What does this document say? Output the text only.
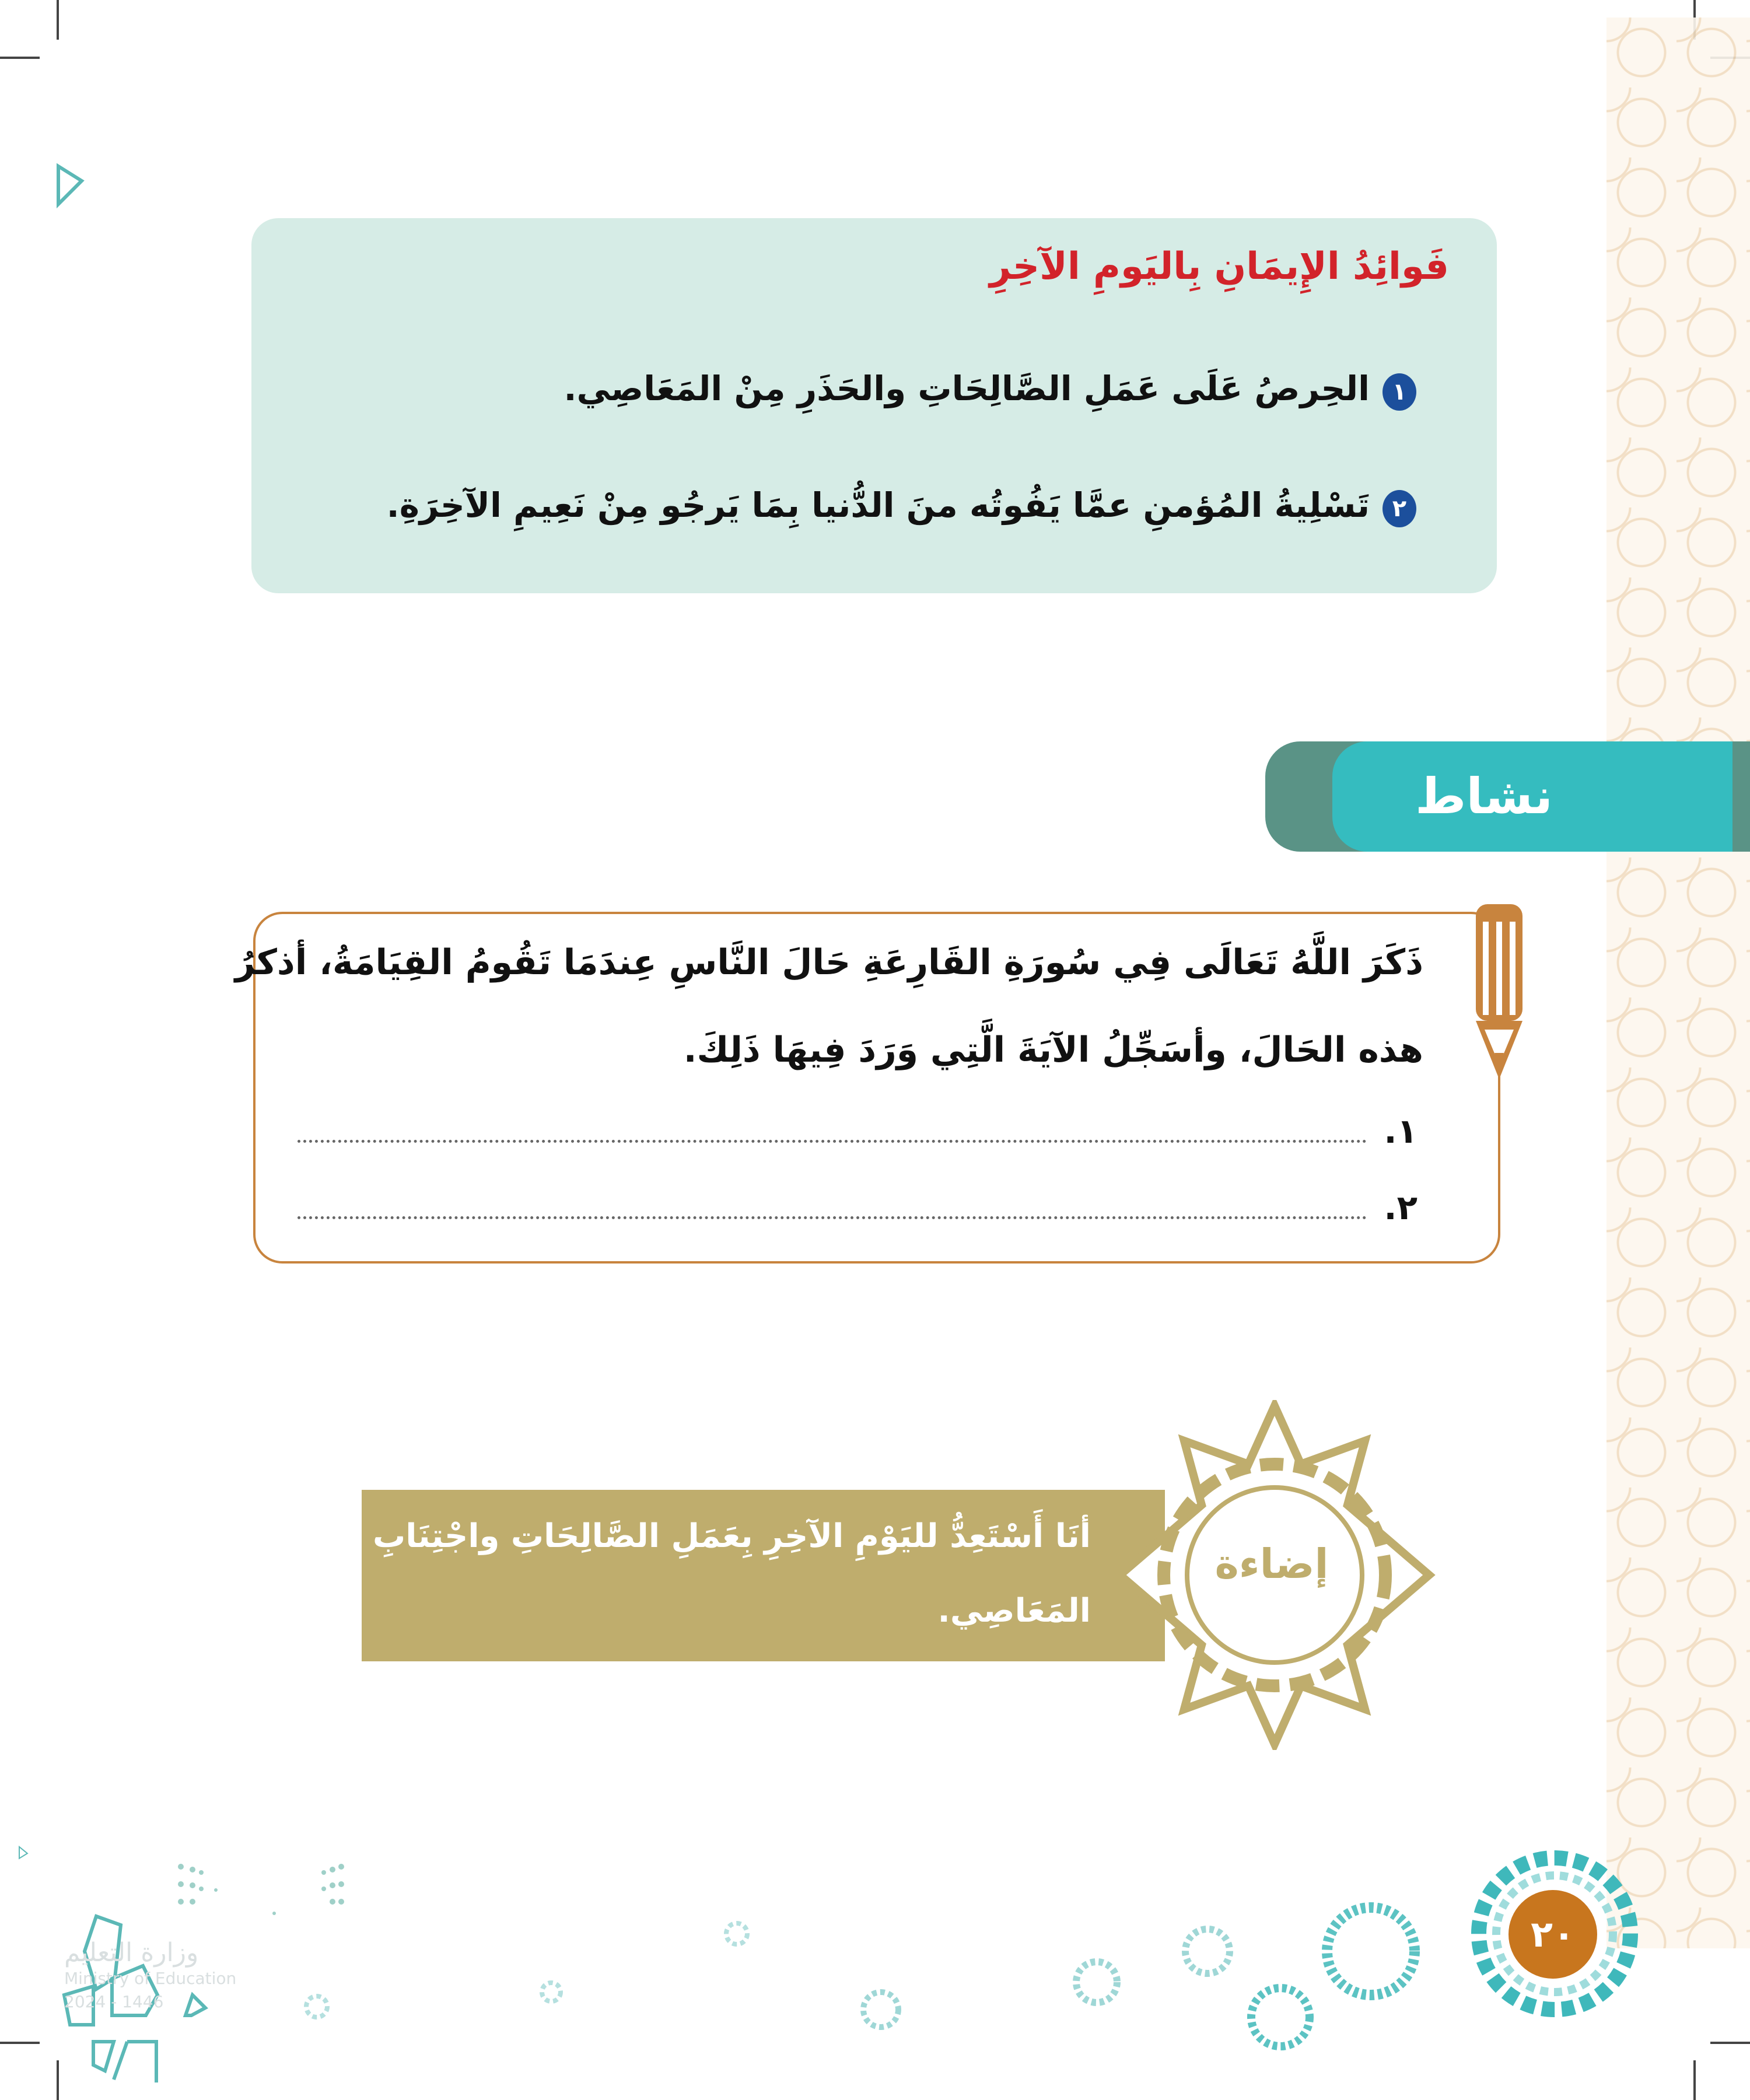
فَوائِدُ الإِيمَانِ بِاليَومِ الآخِرِ
١
الحِرصُ عَلَى عَمَلِ الصَّالِحَاتِ والحَذَرِ مِنْ المَعَاصِي.
٢
تَسْلِيةُ المُؤمنِ عمَّا يَفُوتُه منَ الدُّنيا بِمَا يَرجُو مِنْ نَعِيمِ الآخِرَةِ.
نشاط
ذَكَرَ اللَّهُ تَعَالَى فِي سُورَةِ القَارِعَةِ حَالَ النَّاسِ عِندَمَا تَقُومُ القِيَامَةُ، أذكرُ
هذه الحَالَ، وأسَجِّلُ الآيَةَ الَّتِي وَرَدَ فِيهَا ذَلِكَ.
١.
٢.
أنَا أَسْتَعِدُّ لليَوْمِ الآخِرِ بِعَمَلِ الصَّالِحَاتِ واجْتِنَابِ المَعَاصِي.
إضاءة
٢٠
وزارة التعليم
Ministry of Education
2024 - 1446
